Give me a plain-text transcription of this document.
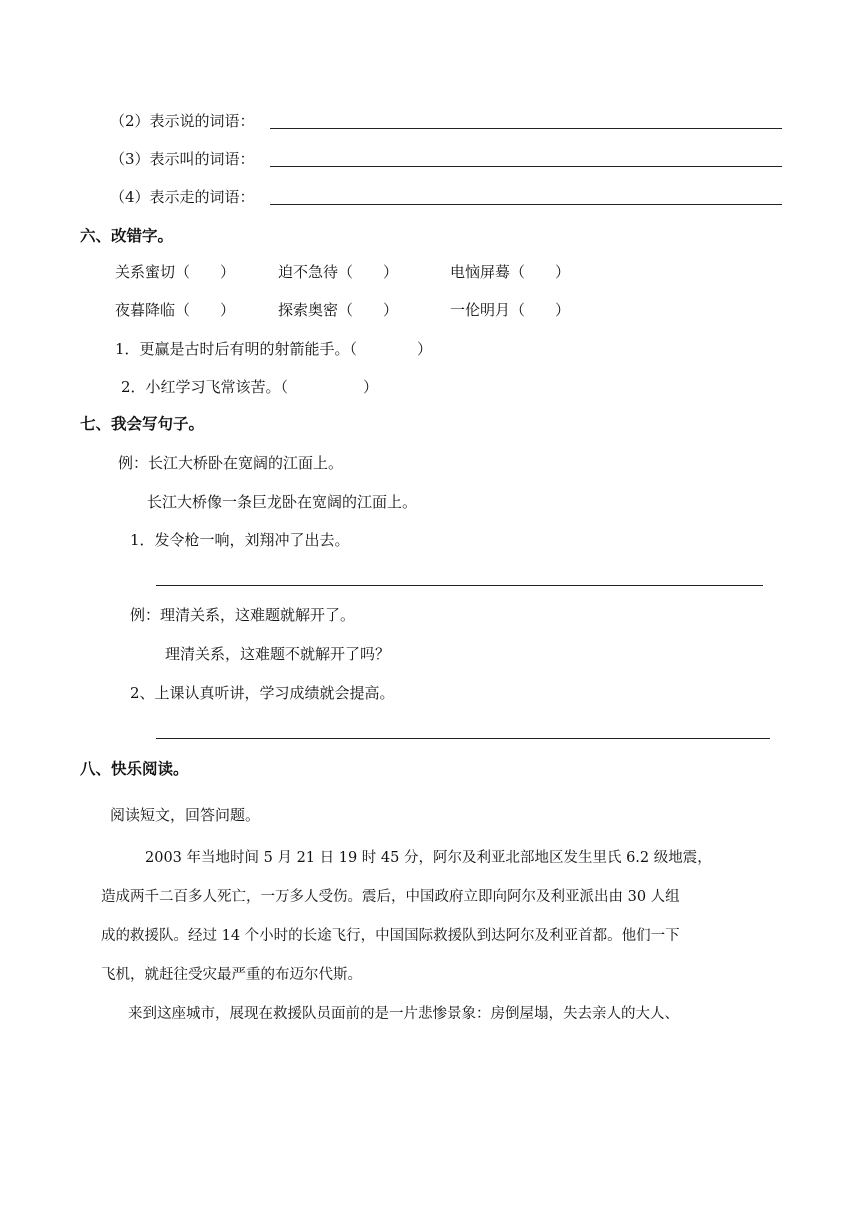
（2）表示说的词语：
（3）表示叫的词语：
（4）表示走的词语：
六、改错字。
关系蜜切（　　）	迫不急待（　　）	电恼屏蓦（　　）
夜暮降临（　　）	探索奥密（　　）	一伦明月（　　）
1．更赢是古时后有明的射箭能手。（　　　　）
2．小红学习飞常该苦。（　　　　　）
七、我会写句子。
例：长江大桥卧在宽阔的江面上。
长江大桥像一条巨龙卧在宽阔的江面上。
1．发令枪一响，刘翔冲了出去。
例：理清关系，这难题就解开了。
理清关系，这难题不就解开了吗？
2、上课认真听讲，学习成绩就会提高。
八、快乐阅读。
阅读短文，回答问题。
2003 年当地时间 5 月 21 日 19 时 45 分，阿尔及利亚北部地区发生里氏 6.2 级地震，
造成两千二百多人死亡，一万多人受伤。震后，中国政府立即向阿尔及利亚派出由 30 人组
成的救援队。经过 14 个小时的长途飞行，中国国际救援队到达阿尔及利亚首都。他们一下
飞机，就赶往受灾最严重的布迈尔代斯。
来到这座城市，展现在救援队员面前的是一片悲惨景象：房倒屋塌，失去亲人的大人、
